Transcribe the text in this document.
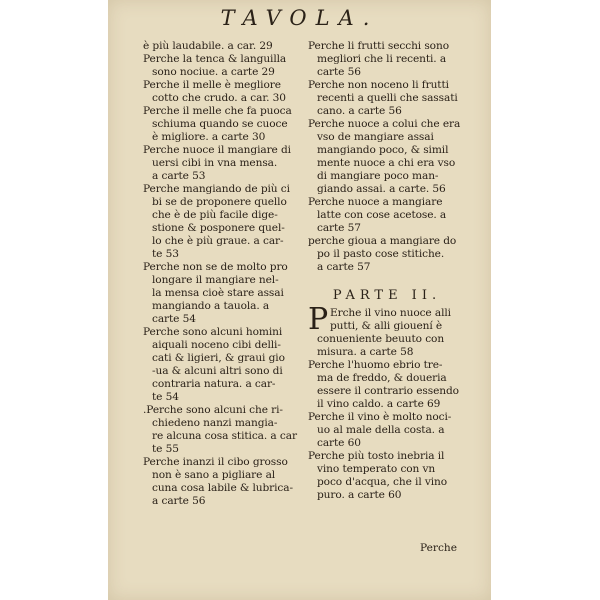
TAVOLA.

è più laudabile. a car. 29

Perche la tenca & languilla

sono nociue. a carte 29

Perche il melle è megliore

cotto che crudo. a car. 30

Perche il melle che fa puoca

schiuma quando se cuoce

è migliore. a carte 30

Perche nuoce il mangiare di

uersi cibi in vna mensa.

a carte 53

Perche mangiando de più ci

bi se de proponere quello

che è de più facile dige-

stione & posponere quel-

lo che è più graue. a car-

te 53

Perche non se de molto pro

longare il mangiare nel-

la mensa cioè stare assai

mangiando a tauola. a

carte 54

Perche sono alcuni homini

aiquali noceno cibi delli-

cati & ligieri, & graui gio

-ua & alcuni altri sono di

contraria natura. a car-

te 54

.Perche sono alcuni che ri-

chiedeno nanzi mangia-

re alcuna cosa stitica. a car

te 55

Perche inanzi il cibo grosso

non è sano a pigliare al

cuna cosa labile & lubrica-

a carte 56

Perche li frutti secchi sono

megliori che li recenti. a

carte 56

Perche non noceno li frutti

recenti a quelli che sassati

cano. a carte 56

Perche nuoce a colui che era

vso de mangiare assai

mangiando poco, & simil

mente nuoce a chi era vso

di mangiare poco man-

giando assai. a carte. 56

Perche nuoce a mangiare

latte con cose acetose. a

carte 57

perche gioua a mangiare do

po il pasto cose stitiche.

a carte 57

PARTE II.
P Erche il vino nuoce alli

putti, & alli giouení è

conueniente beuuto con

misura. a carte 58

Perche l'huomo ebrio tre-

ma de freddo, & doueria

essere il contrario essendo

il vino caldo. a carte 69

Perche il vino è molto noci-

uo al male della costa. a

carte 60

Perche più tosto inebria il

vino temperato con vn

poco d'acqua, che il vino

puro. a carte 60

Perche
